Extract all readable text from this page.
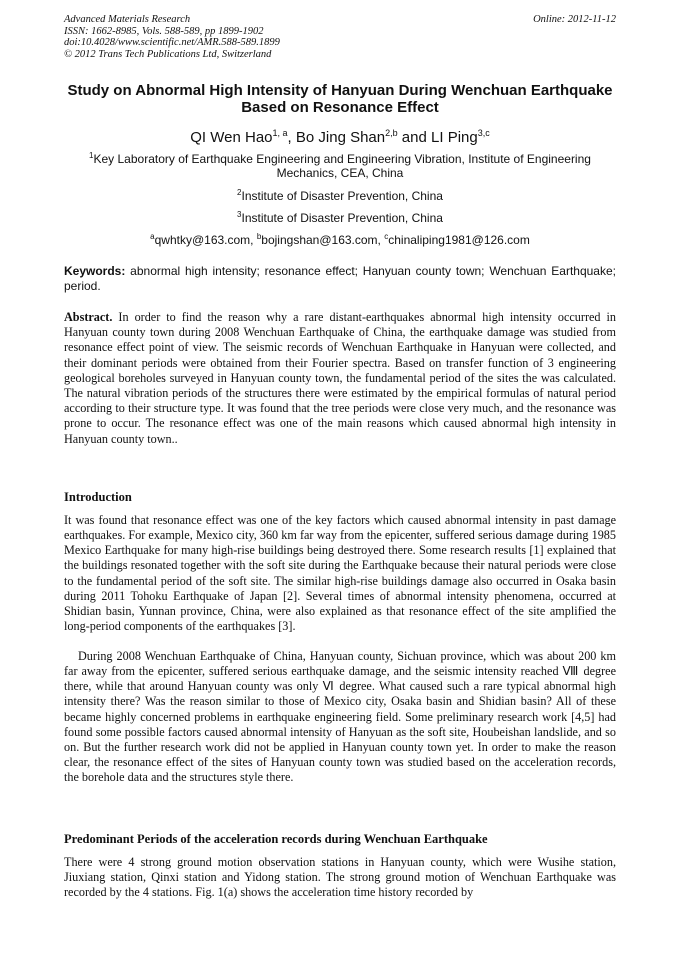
Advanced Materials Research	Online: 2012-11-12
ISSN: 1662-8985, Vols. 588-589, pp 1899-1902
doi:10.4028/www.scientific.net/AMR.588-589.1899
© 2012 Trans Tech Publications Ltd, Switzerland
Study on Abnormal High Intensity of Hanyuan During Wenchuan Earthquake Based on Resonance Effect
QI Wen Hao$^{1, a}$, Bo Jing Shan$^{2,b}$ and LI Ping$^{3,c}$
$^1$Key Laboratory of Earthquake Engineering and Engineering Vibration, Institute of Engineering Mechanics, CEA, China
$^2$Institute of Disaster Prevention, China
$^3$Institute of Disaster Prevention, China
$^a$qwhtky@163.com, $^b$bojingshan@163.com, $^c$chinaliping1981@126.com
Keywords: abnormal high intensity; resonance effect; Hanyuan county town; Wenchuan Earthquake; period.
Abstract. In order to find the reason why a rare distant-earthquakes abnormal high intensity occurred in Hanyuan county town during 2008 Wenchuan Earthquake of China, the earthquake damage was studied from resonance effect point of view. The seismic records of Wenchuan Earthquake in Hanyuan were collected, and their dominant periods were obtained from their Fourier spectra. Based on transfer function of 3 engineering geological boreholes surveyed in Hanyuan county town, the fundamental period of the sites the was calculated. The natural vibration periods of the structures there were estimated by the empirical formulas of natural period according to their structure type. It was found that the tree periods were close very much, and the resonance was prone to occur. The resonance effect was one of the main reasons which caused abnormal high intensity in Hanyuan county town..
Introduction
It was found that resonance effect was one of the key factors which caused abnormal intensity in past damage earthquakes. For example, Mexico city, 360 km far way from the epicenter, suffered serious damage during 1985 Mexico Earthquake for many high-rise buildings being destroyed there. Some research results [1] explained that the buildings resonated together with the soft site during the Earthquake because their natural periods were close to the fundamental period of the soft site. The similar high-rise buildings damage also occurred in Osaka basin during 2011 Tohoku Earthquake of Japan [2]. Several times of abnormal intensity phenomena, occurred at Shidian basin, Yunnan province, China, were also explained as that resonance effect of the site amplified the long-period components of the earthquakes [3].
During 2008 Wenchuan Earthquake of China, Hanyuan county, Sichuan province, which was about 200 km far away from the epicenter, suffered serious earthquake damage, and the seismic intensity reached Ⅷ degree there, while that around Hanyuan county was only Ⅵ degree. What caused such a rare typical abnormal high intensity there? Was the reason similar to those of Mexico city, Osaka basin and Shidian basin? All of these became highly concerned problems in earthquake engineering field. Some preliminary research work [4,5] had found some possible factors caused abnormal intensity of Hanyuan as the soft site, Houbeishan landslide, and so on. But the further research work did not be applied in Hanyuan county town yet. In order to make the reason clear, the resonance effect of the sites of Hanyuan county town was studied based on the acceleration records, the borehole data and the structures style there.
Predominant Periods of the acceleration records during Wenchuan Earthquake
There were 4 strong ground motion observation stations in Hanyuan county, which were Wusihe station, Jiuxiang station, Qinxi station and Yidong station. The strong ground motion of Wenchuan Earthquake was recorded by the 4 stations. Fig. 1(a) shows the acceleration time history recorded by
